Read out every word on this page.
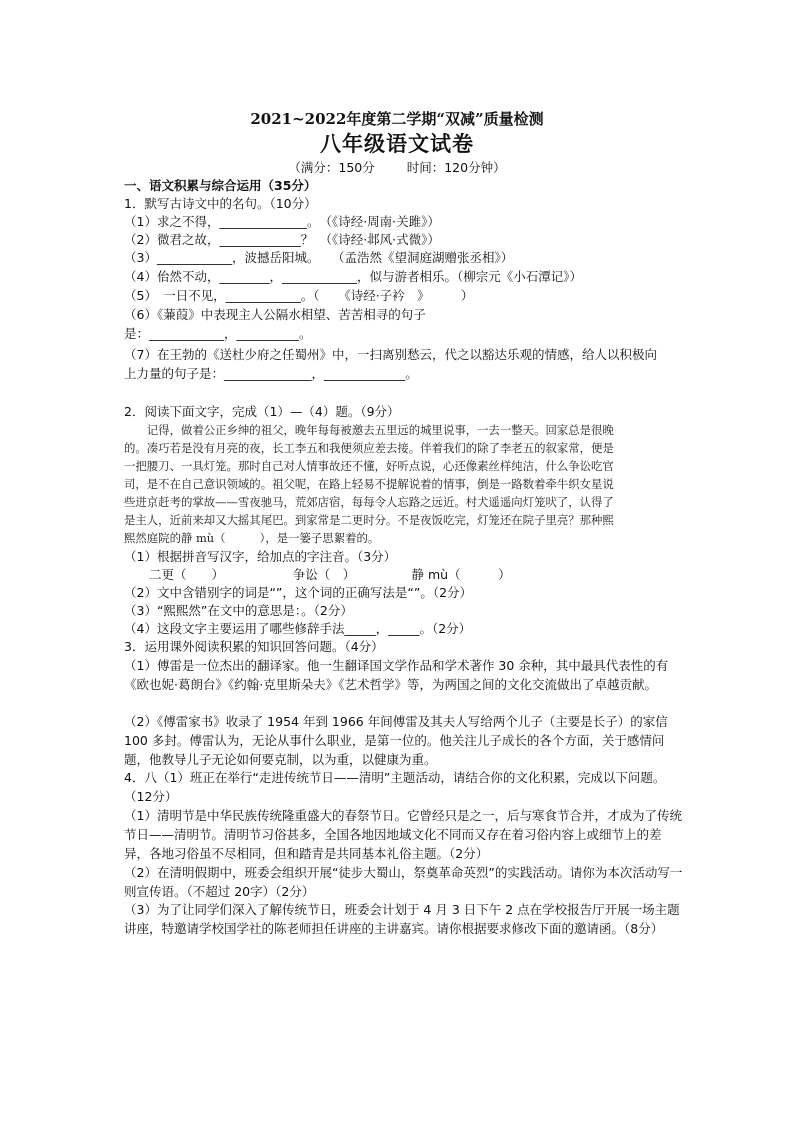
2021~2022年度第二学期“双减”质量检测
八年级语文试卷
（满分：150分	时间：120分钟）
一、语文积累与综合运用（35分）
1．默写古诗文中的名句。（10分）
（1）求之不得，______________。　（《诗经·周南·关雎》）
（2）微君之故，_____________？　（《诗经·邶风·式微》）
（3）____________，波撼岳阳城。　　（孟浩然《望洞庭湖赠张丞相》）
（4）佁然不动，________，____________，似与游者相乐。（柳宗元《小石潭记》）
（5）　一日不见，____________。（　　《诗经·子衿　》　　　）
（6）《蒹葭》中表现主人公隔水相望、苦苦相寻的句子
是：____________，__________。
（7）在王勃的《送杜少府之任蜀州》中，一扫离别愁云，代之以豁达乐观的情感，给人以积极向
上力量的句子是：______________，_____________。
2．阅读下面文字，完成（1）—（4）题。（9分）
　　记得，做着公正乡绅的祖父，晚年每每被邀去五里远的城里说事，一去一整天。回家总是很晚
的。凑巧若是没有月亮的夜，长工李五和我便须应差去接。伴着我们的除了李老五的叙家常，便是
一把腰刀、一具灯笼。那时自己对人情事故还不懂，好听点说，心还像素丝样纯洁，什么争讼吃官
司，是不在自己意识领域的。祖父呢，在路上轻易不提解说着的情事，倒是一路数着牵牛织女星说
些进京赶考的掌故——雪夜驰马，荒郊店宿，每每令人忘路之远近。村犬遥遥向灯笼吠了，认得了
是主人，近前来却又大摇其尾巴。到家常是二更时分。不是夜饭吃完，灯笼还在院子里亮？那种熙
熙然庭院的静 mù（　　　），是一篓子思絮着的。
（1）根据拼音写汉字，给加点的字注音。（3分）
　　二更（　　）　　　　　　争讼（　）　　　　　静 mù（　　　）
（2）文中含错别字的词是“”，这个词的正确写法是“”。（2分）
（3）“熙熙然”在文中的意思是：。（2分）
（4）这段文字主要运用了哪些修辞手法_____，_____。（2分）
3．运用课外阅读积累的知识回答问题。（4分）
（1）傅雷是一位杰出的翻译家。他一生翻译国文学作品和学术著作 30 余种，其中最具代表性的有《欧也妮·葛朗台》《约翰·克里斯朵夫》《艺术哲学》等，为两国之间的文化交流做出了卓越贡献。
（2）《傅雷家书》收录了 1954 年到 1966 年间傅雷及其夫人写给两个儿子（主要是长子）的家信 100 多封。傅雷认为，无论从事什么职业，是第一位的。他关注儿子成长的各个方面，关于感情问题，他教导儿子无论如何要克制，以为重，以健康为重。
4．八（1）班正在举行“走进传统节日——清明”主题活动，请结合你的文化积累，完成以下问题。（12分）
（1）清明节是中华民族传统隆重盛大的春祭节日。它曾经只是之一，后与寒食节合并，才成为了传统节日——清明节。清明节习俗甚多，全国各地因地域文化不同而又存在着习俗内容上或细节上的差异，各地习俗虽不尽相同，但和踏青是共同基本礼俗主题。（2分）
（2）在清明假期中，班委会组织开展“徒步大蜀山，祭奠革命英烈”的实践活动。请你为本次活动写一则宣传语。（不超过 20字）（2分）
（3）为了让同学们深入了解传统节日，班委会计划于 4 月 3 日下午 2 点在学校报告厅开展一场主题讲座，特邀请学校国学社的陈老师担任讲座的主讲嘉宾。请你根据要求修改下面的邀请函。（8分）
